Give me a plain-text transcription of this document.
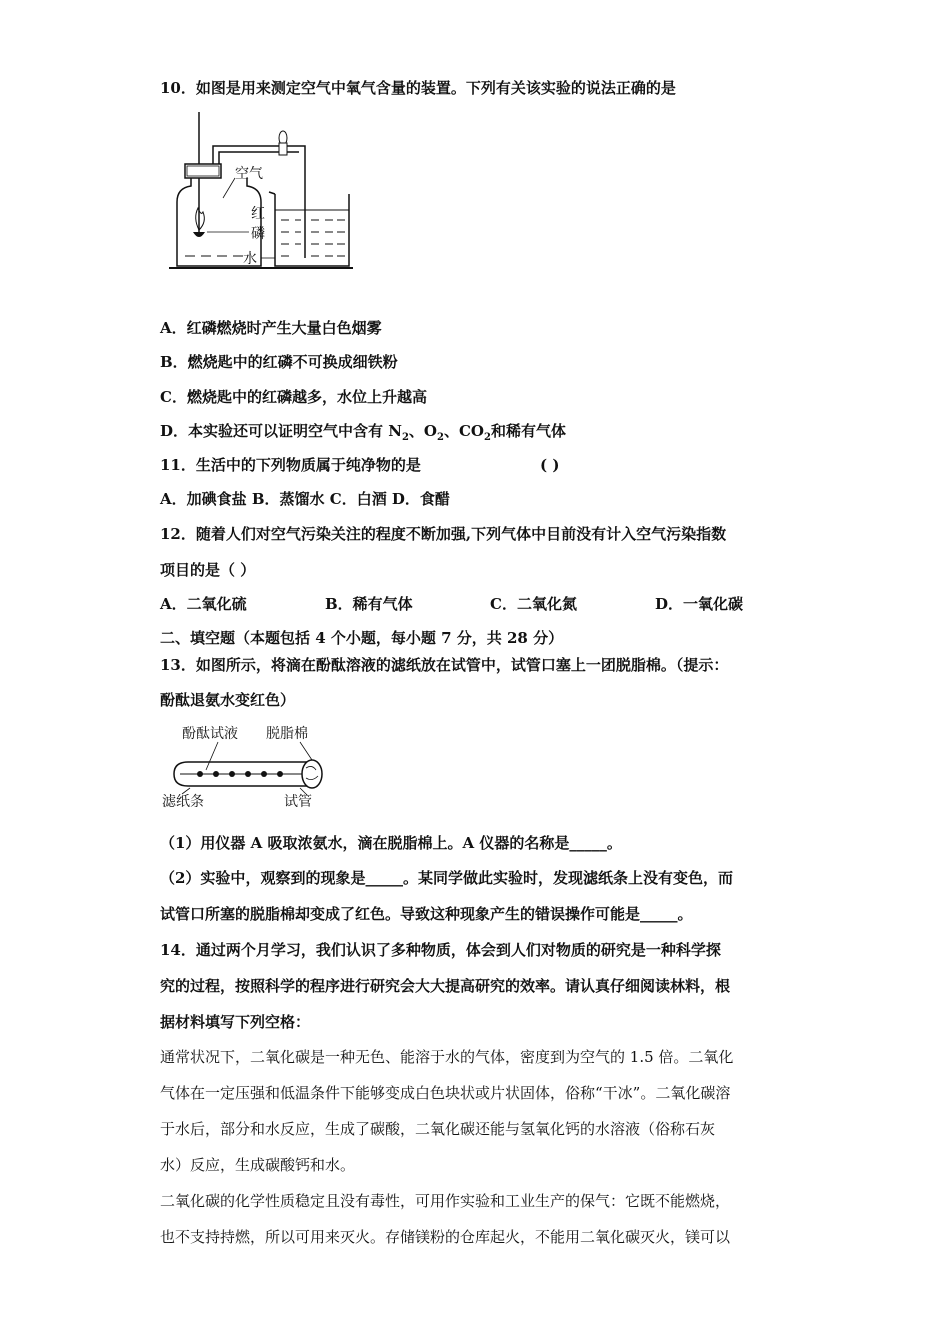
10．如图是用来测定空气中氧气含量的装置。下列有关该实验的说法正确的是
空气
红
磷
水
A．红磷燃烧时产生大量白色烟雾
B．燃烧匙中的红磷不可换成细铁粉
C．燃烧匙中的红磷越多，水位上升越高
D．本实验还可以证明空气中含有 $N_2$、$O_2$、$CO_2$和稀有气体
11．生活中的下列物质属于纯净物的是	( )
A．加碘食盐 B．蒸馏水 C．白酒 D．食醋
12．随着人们对空气污染关注的程度不断加强,下列气体中目前没有计入空气污染指数
项目的是（ ）
A．二氧化硫	B．稀有气体	C．二氧化氮	D．一氧化碳
二、填空题（本题包括 4 个小题，每小题 7 分，共 28 分）
13．如图所示，将滴在酚酞溶液的滤纸放在试管中，试管口塞上一团脱脂棉。（提示：
酚酞退氨水变红色）
酚酞试液 脱脂棉
滤纸条	试管
（1）用仪器 A 吸取浓氨水，滴在脱脂棉上。A 仪器的名称是_____。
（2）实验中，观察到的现象是_____。某同学做此实验时，发现滤纸条上没有变色，而
试管口所塞的脱脂棉却变成了红色。导致这种现象产生的错误操作可能是_____。
14．通过两个月学习，我们认识了多种物质，体会到人们对物质的研究是一种科学探
究的过程，按照科学的程序进行研究会大大提高研究的效率。请认真仔细阅读林料，根
据材料填写下列空格：
通常状况下，二氧化碳是一种无色、能溶于水的气体，密度到为空气的 1.5 倍。二氧化
气体在一定压强和低温条件下能够变成白色块状或片状固体，俗称“干冰”。二氧化碳溶
于水后，部分和水反应，生成了碳酸，二氧化碳还能与氢氧化钙的水溶液（俗称石灰
水）反应，生成碳酸钙和水。
二氧化碳的化学性质稳定且没有毒性，可用作实验和工业生产的保气：它既不能燃烧，
也不支持持燃，所以可用来灭火。存储镁粉的仓库起火，不能用二氧化碳灭火，镁可以
